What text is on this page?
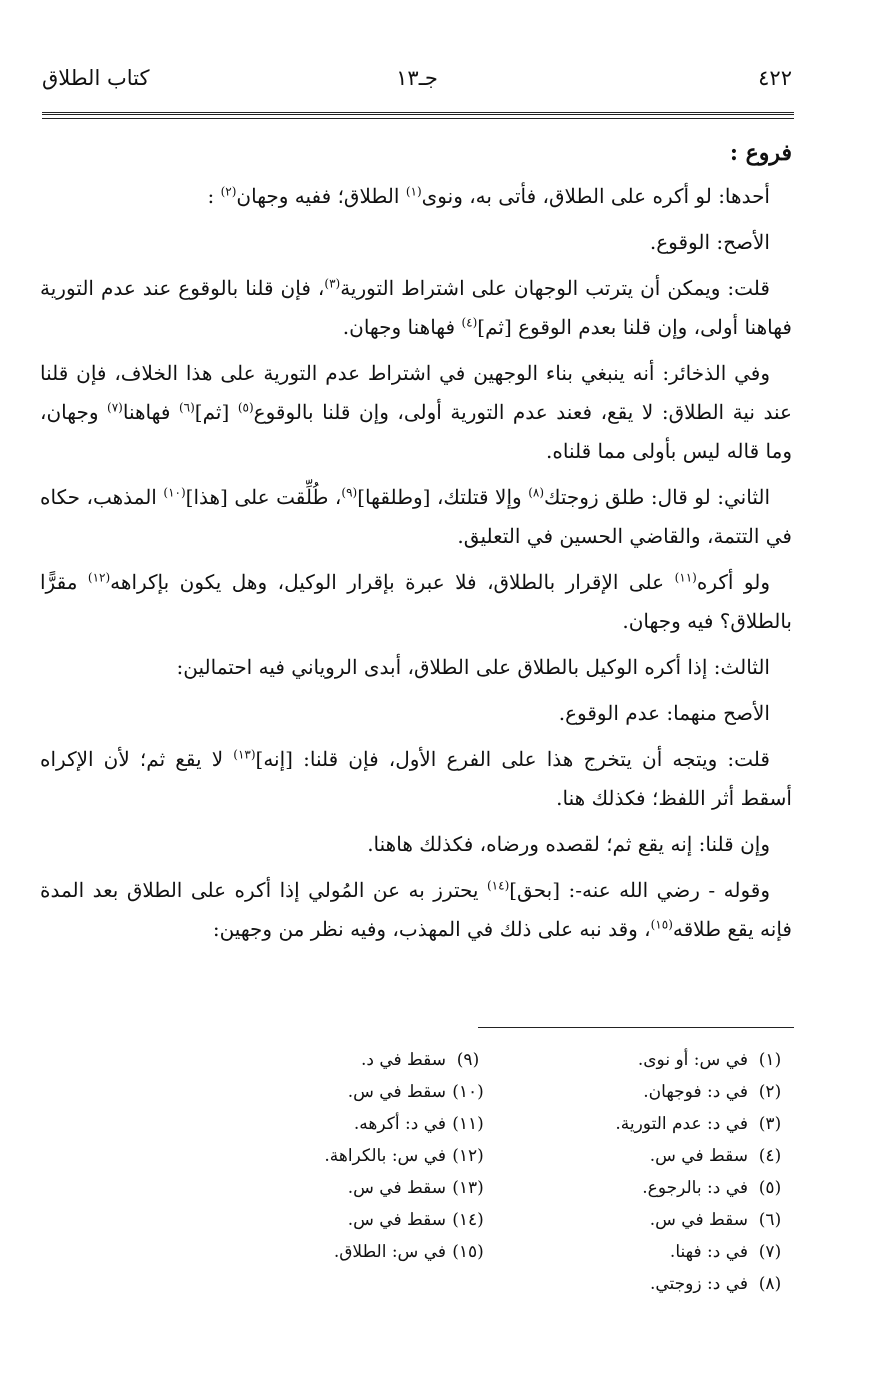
٤٢٢
جـ١٣
كتاب الطلاق

فروع :

أحدها: لو أكره على الطلاق، فأتى به، ونوى$^{(١)}$ الطلاق؛ ففيه وجهان$^{(٢)}$ :

الأصح: الوقوع.

قلت: ويمكن أن يترتب الوجهان على اشتراط التورية$^{(٣)}$، فإن قلنا بالوقوع عند عدم التورية فهاهنا أولى، وإن قلنا بعدم الوقوع [ثم]$^{(٤)}$ فهاهنا وجهان.

وفي الذخائر: أنه ينبغي بناء الوجهين في اشتراط عدم التورية على هذا الخلاف، فإن قلنا عند نية الطلاق: لا يقع، فعند عدم التورية أولى، وإن قلنا بالوقوع$^{(٥)}$ [ثم]$^{(٦)}$ فهاهنا$^{(٧)}$ وجهان، وما قاله ليس بأولى مما قلناه.

الثاني: لو قال: طلق زوجتك$^{(٨)}$ وإلا قتلتك، [وطلقها]$^{(٩)}$، طُلِّقت على [هذا]$^{(١٠)}$ المذهب، حكاه في التتمة، والقاضي الحسين في التعليق.

ولو أكره$^{(١١)}$ على الإقرار بالطلاق، فلا عبرة بإقرار الوكيل، وهل يكون بإكراهه$^{(١٢)}$ مقرًّا بالطلاق؟ فيه وجهان.

الثالث: إذا أكره الوكيل بالطلاق على الطلاق، أبدى الروياني فيه احتمالين:

الأصح منهما: عدم الوقوع.

قلت: ويتجه أن يتخرج هذا على الفرع الأول، فإن قلنا: [إنه]$^{(١٣)}$ لا يقع ثم؛ لأن الإكراه أسقط أثر اللفظ؛ فكذلك هنا.

وإن قلنا: إنه يقع ثم؛ لقصده ورضاه، فكذلك هاهنا.

وقوله - رضي الله عنه-: [بحق]$^{(١٤)}$ يحترز به عن المُولي إذا أكره على الطلاق بعد المدة فإنه يقع طلاقه$^{(١٥)}$، وقد نبه على ذلك في المهذب، وفيه نظر من وجهين:

(١)
في س: أو نوى.
(٢)
في د: فوجهان.
(٣)
في د: عدم التورية.
(٤)
سقط في س.
(٥)
في د: بالرجوع.
(٦)
سقط في س.
(٧)
في د: فهنا.
(٨)
في د: زوجتي.
(٩)
سقط في د.
(١٠)
سقط في س.
(١١)
في د: أكرهه.
(١٢)
في س: بالكراهة.
(١٣)
سقط في س.
(١٤)
سقط في س.
(١٥)
في س: الطلاق.
